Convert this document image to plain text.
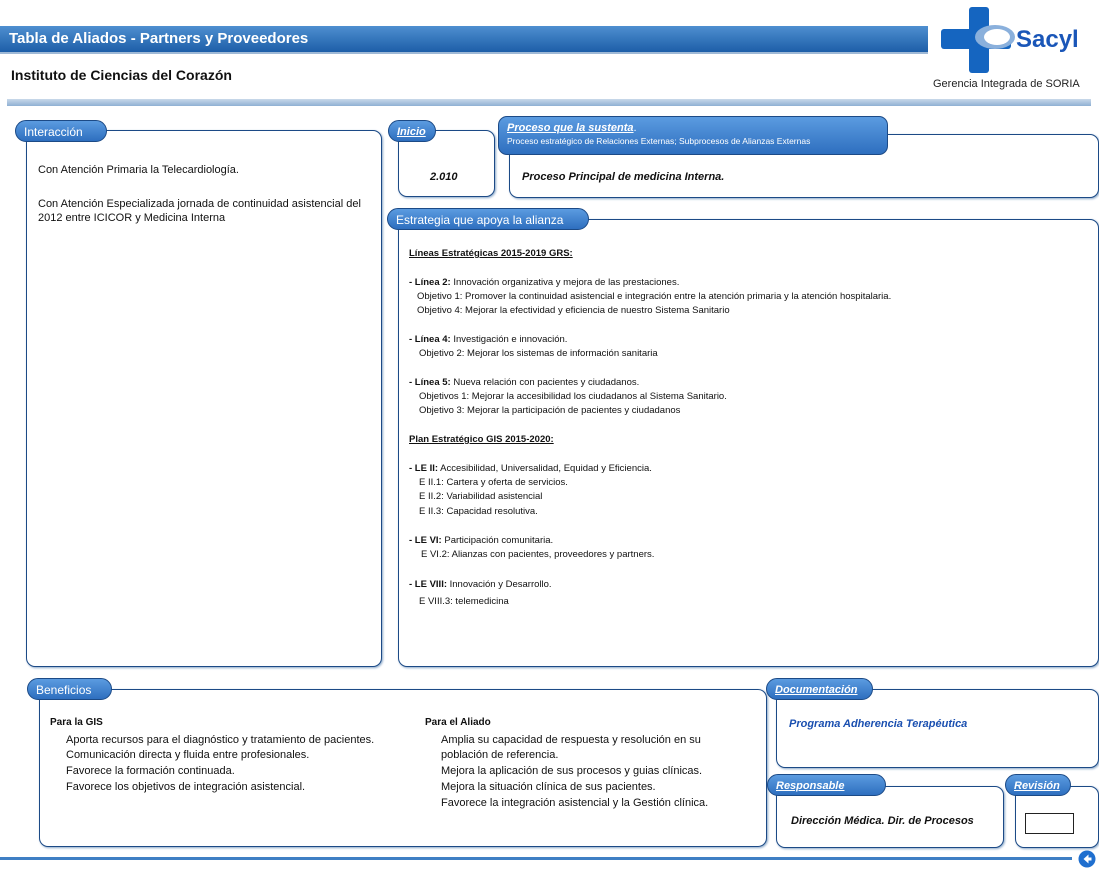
Tabla de Aliados - Partners y Proveedores
Instituto de Ciencias del Corazón
Sacyl
Gerencia Integrada de SORIA
Interacción
Con Atención Primaria la Telecardiología.
Con Atención Especializada jornada de continuidad asistencial del 2012 entre ICICOR y Medicina Interna
Inicio
2.010
Proceso que la sustenta.
Proceso estratégico de Relaciones Externas; Subprocesos de Alianzas Externas
Proceso Principal de medicina Interna.
Estrategia que apoya la alianza
Líneas Estratégicas 2015-2019 GRS:
- Línea 2: Innovación organizativa y mejora de las prestaciones.
Objetivo 1: Promover la continuidad asistencial e integración entre la atención primaria y la atención hospitalaria.
Objetivo 4: Mejorar la efectividad y eficiencia de nuestro Sistema Sanitario
- Línea 4: Investigación e innovación.
Objetivo 2: Mejorar los sistemas de información sanitaria
- Línea 5: Nueva relación con pacientes y ciudadanos.
Objetivos 1: Mejorar la accesibilidad los ciudadanos al Sistema Sanitario.
Objetivo 3: Mejorar la participación de pacientes y ciudadanos
Plan Estratégico GIS 2015-2020:
- LE II: Accesibilidad, Universalidad, Equidad y Eficiencia.
E II.1: Cartera y oferta de servicios.
E II.2: Variabilidad asistencial
E II.3: Capacidad resolutiva.
- LE VI: Participación comunitaria.
E VI.2: Alianzas con pacientes, proveedores y partners.
- LE VIII: Innovación y Desarrollo.
E VIII.3: telemedicina
Beneficios
Para la GIS
Aporta recursos para el diagnóstico y tratamiento de pacientes.
Comunicación directa y fluida entre profesionales.
Favorece la formación continuada.
Favorece los objetivos de integración asistencial.
Para el Aliado
Amplia su capacidad de respuesta y resolución en su
población de referencia.
Mejora la aplicación de sus procesos y guias clínicas.
Mejora la situación clínica de sus pacientes.
Favorece la integración asistencial y la Gestión clínica.
Documentación
Programa Adherencia Terapéutica
Responsable
Dirección Médica. Dir. de Procesos
Revisión
